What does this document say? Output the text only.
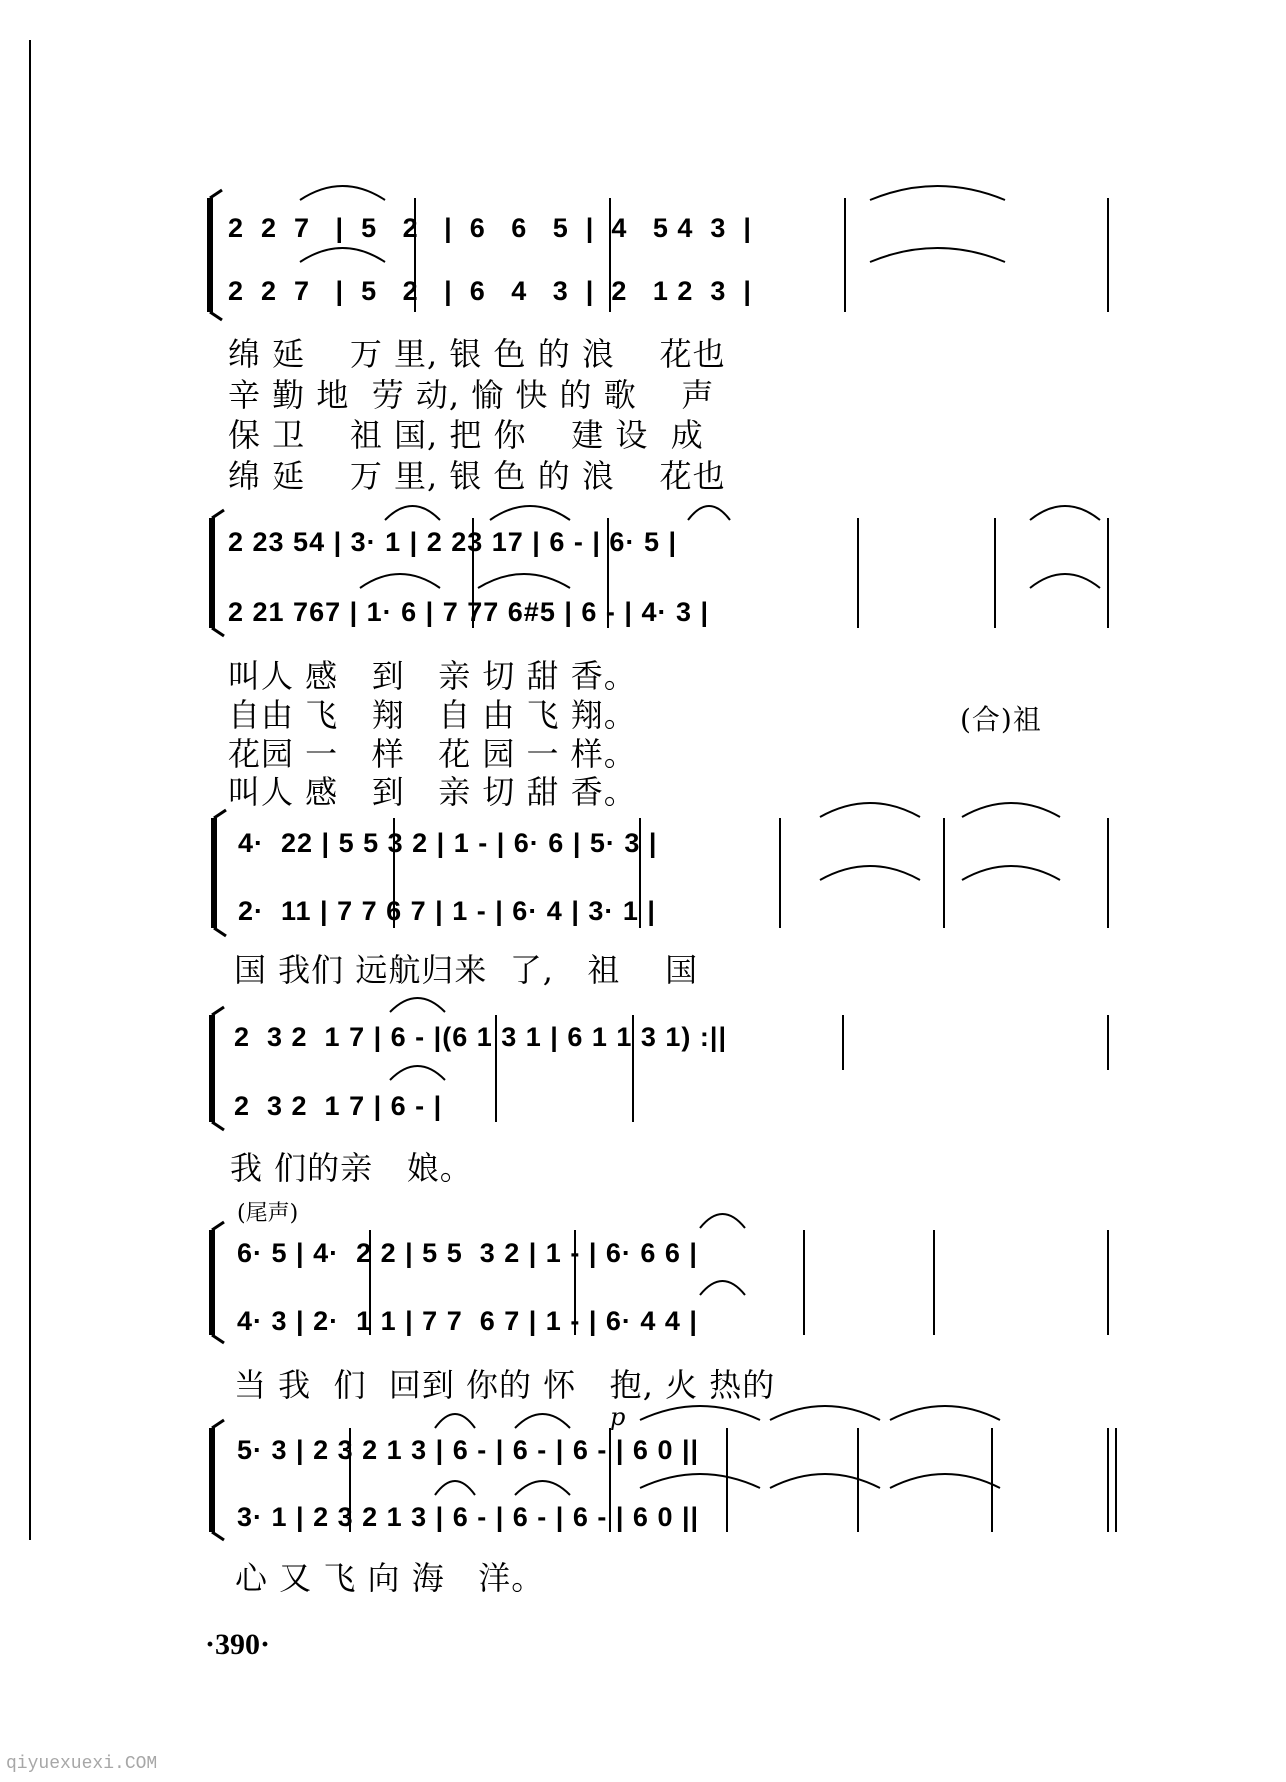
2  2  7   |  5   2   |  6   6   5  |  4   5 4  3  |
2  2  7   |  5   2   |  6   4   3  |  2   1 2  3  |
绵 延    万 里, 银 色 的 浪    花也
辛 勤 地  劳 动, 愉 快 的 歌    声
保 卫    祖 国, 把 你    建 设  成
绵 延    万 里, 银 色 的 浪    花也
2 23 54 | 3· 1 | 2 23 17 | 6 - | 6· 5 |
2 21 767 | 1· 6 | 7 77 6#5 | 6 - | 4· 3 |
叫人 感   到   亲 切 甜 香。
自由 飞   翔   自 由 飞 翔。
花园 一   样   花 园 一 样。
叫人 感   到   亲 切 甜 香。
(合)祖
4·  22 | 5 5 3 2 | 1 - | 6· 6 | 5· 3 |
2·  11 | 7 7 6 7 | 1 - | 6· 4 | 3· 1 |
国 我们 远航归来  了,   祖    国
2  3 2  1 7 | 6 - |(6 1 3 1 | 6 1 1 3 1) :||
2  3 2  1 7 | 6 - |
我 们的亲   娘。
(尾声)
6· 5 | 4·  2 2 | 5 5  3 2 | 1 - | 6· 6 6 |
4· 3 | 2·  1 1 | 7 7  6 7 | 1 - | 6· 4 4 |
当 我  们  回到 你的 怀   抱, 火 热的
p
5· 3 | 2 3 2 1 3 | 6 - | 6 - | 6 - | 6 0 ||
3· 1 | 2 3 2 1 3 | 6 - | 6 - | 6 - | 6 0 ||
心 又 飞 向 海   洋。
·390·
qiyuexuexi.COM
